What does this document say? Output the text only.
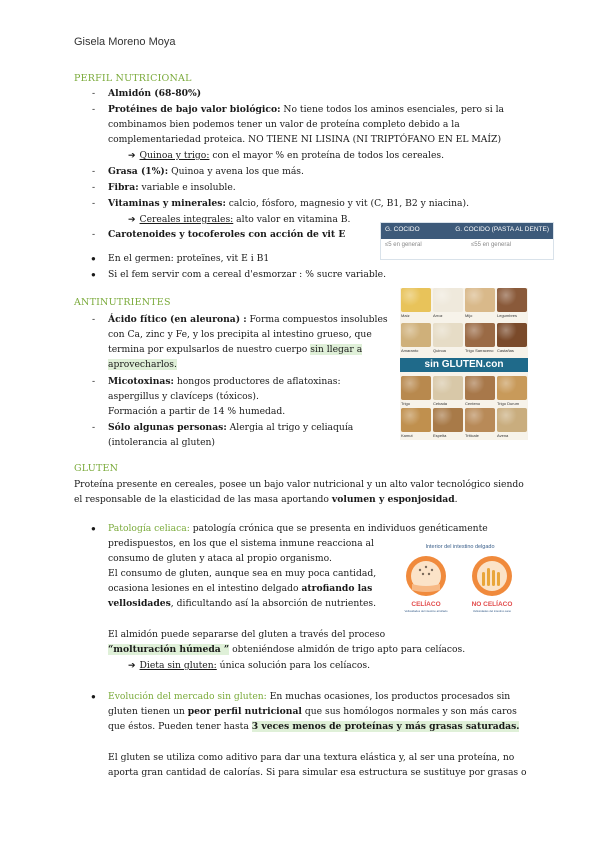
Gisela Moreno Moya
PERFIL NUTRICIONAL
- Almidón (68-80%)
- Protéines de bajo valor biológico: No tiene todos los aminos esenciales, pero si la
combinamos bien podemos tener un valor de proteína completo debido a la
complementariedad proteica. NO TIENE NI LISINA (NI TRIPTÓFANO EN EL MAÍZ)
➔ Quinoa y trigo: con el mayor % en proteína de todos los cereales.
- Grasa (1%): Quinoa y avena los que más.
- Fibra: variable e insoluble.
- Vitaminas y minerales: calcio, fósforo, magnesio y vit (C, B1, B2 y niacina).
➔ Cereales integrales: alto valor en vitamina B.
- Carotenoides y tocoferoles con acción de vit E
● En el germen: proteïnes, vit E i B1
● Si el fem servir com a cereal d'esmorzar : % sucre variable.
G. COCIDO	G. COCIDO (PASTA AL DENTE)
≤5 en general	≤55 en general
ANTINUTRIENTES
- Ácido fítico (en aleurona) : Forma compuestos insolubles
con Ca, zinc y Fe, y los precipita al intestino grueso, que
termina por expulsarlos de nuestro cuerpo sin llegar a
aprovecharlos.
- Micotoxinas: hongos productores de aflatoxinas:
aspergillus y clavíceps (tóxicos).
Formación a partir de 14 % humedad.
- Sólo algunas personas: Alergia al trigo y celiaquía
(intolerancia al gluten)
Maíz	Arroz	Mijo	Legumbres
Amaranto	Quinoa	Trigo Sarraceno Castañas
Trigo	Cebada	Centeno	Trigo Durum
Kamut	Espelta	Triticale	Avena
sin GLUTEN.con
GLUTEN
Proteína presente en cereales, posee un bajo valor nutricional y un alto valor tecnológico siendo
el responsable de la elasticidad de las masa aportando volumen y esponjosidad.
● Patología celiaca: patología crónica que se presenta en individuos genéticamente
predispuestos, en los que el sistema inmune reacciona al
consumo de gluten y ataca al propio organismo.
El consumo de gluten, aunque sea en muy poca cantidad,
ocasiona lesiones en el intestino delgado atrofiando las
vellosidades, dificultando así la absorción de nutrientes.
El almidón puede separarse del gluten a través del proceso
“molturación húmeda ” obteniéndose almidón de trigo apto para celíacos.
➔ Dieta sin gluten: única solución para los celíacos.
Interior del intestino delgado
CELÍACO
Vellosidades del intestino atrofiado
NO CELÍACO
Vellosidades del intestino sano
● Evolución del mercado sin gluten: En muchas ocasiones, los productos procesados sin
gluten tienen un peor perfil nutricional que sus homólogos normales y son más caros
que éstos. Pueden tener hasta 3 veces menos de proteínas y más grasas saturadas.
El gluten se utiliza como aditivo para dar una textura elástica y, al ser una proteína, no
aporta gran cantidad de calorías. Si para simular esa estructura se sustituye por grasas o
